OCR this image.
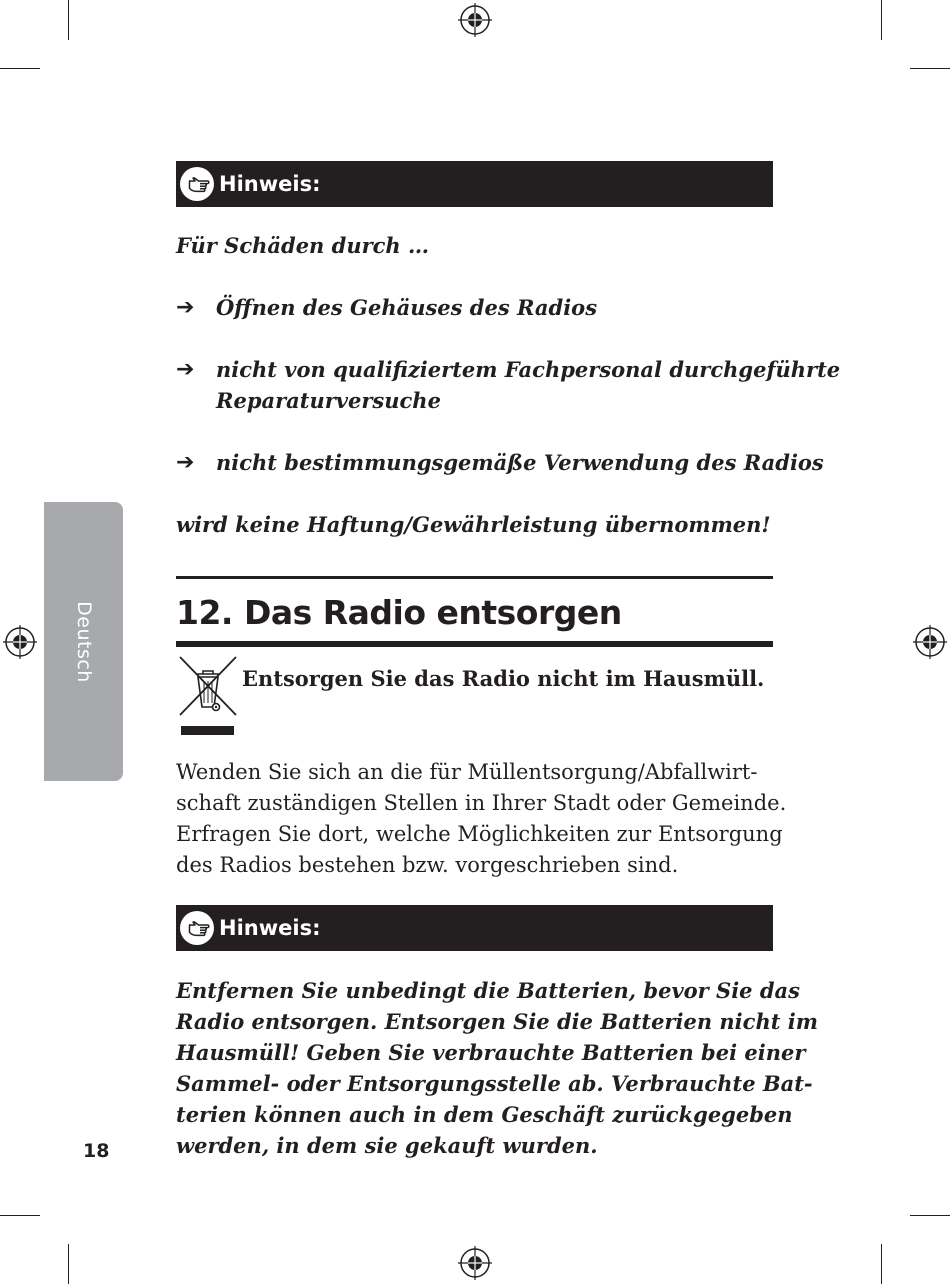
Deutsch
Hinweis:
Für Schäden durch …
➔ Öffnen des Gehäuses des Radios
➔ nicht von qualifiziertem Fachpersonal durchgeführte
Reparaturversuche
➔ nicht bestimmungsgemäße Verwendung des Radios
wird keine Haftung/Gewährleistung übernommen!
12. Das Radio entsorgen
Entsorgen Sie das Radio nicht im Hausmüll.
Wenden Sie sich an die für Müllentsorgung/Abfallwirt-
schaft zuständigen Stellen in Ihrer Stadt oder Gemeinde.
Erfragen Sie dort, welche Möglichkeiten zur Entsorgung
des Radios bestehen bzw. vorgeschrieben sind.
Hinweis:
Entfernen Sie unbedingt die Batterien, bevor Sie das
Radio entsorgen. Entsorgen Sie die Batterien nicht im
Hausmüll! Geben Sie verbrauchte Batterien bei einer
Sammel- oder Entsorgungsstelle ab. Verbrauchte Bat-
terien können auch in dem Geschäft zurückgegeben
werden, in dem sie gekauft wurden.
18
